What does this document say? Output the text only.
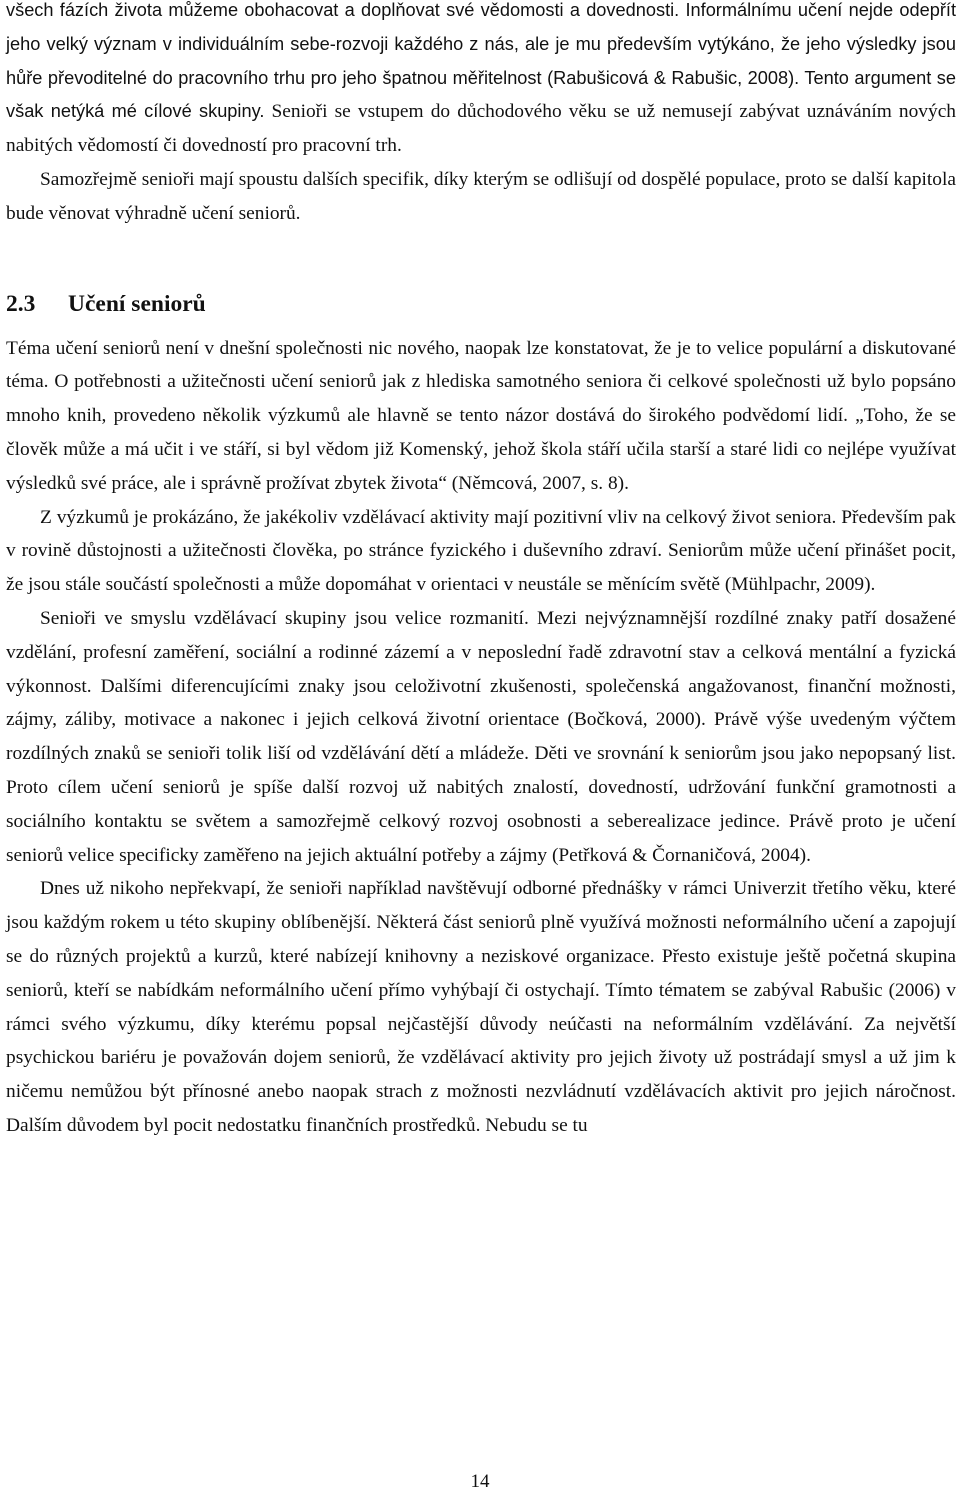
všech fázích života můžeme obohacovat a doplňovat své vědomosti a dovednosti. Informálnímu učení nejde odepřít jeho velký význam v individuálním sebe-rozvoji každého z nás, ale je mu především vytýkáno, že jeho výsledky jsou hůře převoditelné do pracovního trhu pro jeho špatnou měřitelnost (Rabušicová & Rabušic, 2008). Tento argument se však netýká mé cílové skupiny. Senioři se vstupem do důchodového věku se už nemusejí zabývat uznáváním nových nabitých vědomostí či dovedností pro pracovní trh.

Samozřejmě senioři mají spoustu dalších specifik, díky kterým se odlišují od dospělé populace, proto se další kapitola bude věnovat výhradně učení seniorů.

2.3 Učení seniorů

Téma učení seniorů není v dnešní společnosti nic nového, naopak lze konstatovat, že je to velice populární a diskutované téma. O potřebnosti a užitečnosti učení seniorů jak z hlediska samotného seniora či celkové společnosti už bylo popsáno mnoho knih, provedeno několik výzkumů ale hlavně se tento názor dostává do širokého podvědomí lidí. „Toho, že se člověk může a má učit i ve stáří, si byl vědom již Komenský, jehož škola stáří učila starší a staré lidi co nejlépe využívat výsledků své práce, ale i správně prožívat zbytek života“ (Němcová, 2007, s. 8).

Z výzkumů je prokázáno, že jakékoliv vzdělávací aktivity mají pozitivní vliv na celkový život seniora. Především pak v rovině důstojnosti a užitečnosti člověka, po stránce fyzického i duševního zdraví. Seniorům může učení přinášet pocit, že jsou stále součástí společnosti a může dopomáhat v orientaci v neustále se měnícím světě (Mühlpachr, 2009).

Senioři ve smyslu vzdělávací skupiny jsou velice rozmanití. Mezi nejvýznamnější rozdílné znaky patří dosažené vzdělání, profesní zaměření, sociální a rodinné zázemí a v neposlední řadě zdravotní stav a celková mentální a fyzická výkonnost. Dalšími diferencujícími znaky jsou celoživotní zkušenosti, společenská angažovanost, finanční možnosti, zájmy, záliby, motivace a nakonec i jejich celková životní orientace (Bočková, 2000). Právě výše uvedeným výčtem rozdílných znaků se senioři tolik liší od vzdělávání dětí a mládeže. Děti ve srovnání k seniorům jsou jako nepopsaný list. Proto cílem učení seniorů je spíše další rozvoj už nabitých znalostí, dovedností, udržování funkční gramotnosti a sociálního kontaktu se světem a samozřejmě celkový rozvoj osobnosti a seberealizace jedince. Právě proto je učení seniorů velice specificky zaměřeno na jejich aktuální potřeby a zájmy (Petřková & Čornaničová, 2004).

Dnes už nikoho nepřekvapí, že senioři například navštěvují odborné přednášky v rámci Univerzit třetího věku, které jsou každým rokem u této skupiny oblíbenější. Některá část seniorů plně využívá možnosti neformálního učení a zapojují se do různých projektů a kurzů, které nabízejí knihovny a neziskové organizace. Přesto existuje ještě početná skupina seniorů, kteří se nabídkám neformálního učení přímo vyhýbají či ostychají. Tímto tématem se zabýval Rabušic (2006) v rámci svého výzkumu, díky kterému popsal nejčastější důvody neúčasti na neformálním vzdělávání. Za největší psychickou bariéru je považován dojem seniorů, že vzdělávací aktivity pro jejich životy už postrádají smysl a už jim k ničemu nemůžou být přínosné anebo naopak strach z možnosti nezvládnutí vzdělávacích aktivit pro jejich náročnost. Dalším důvodem byl pocit nedostatku finančních prostředků. Nebudu se tu

14
